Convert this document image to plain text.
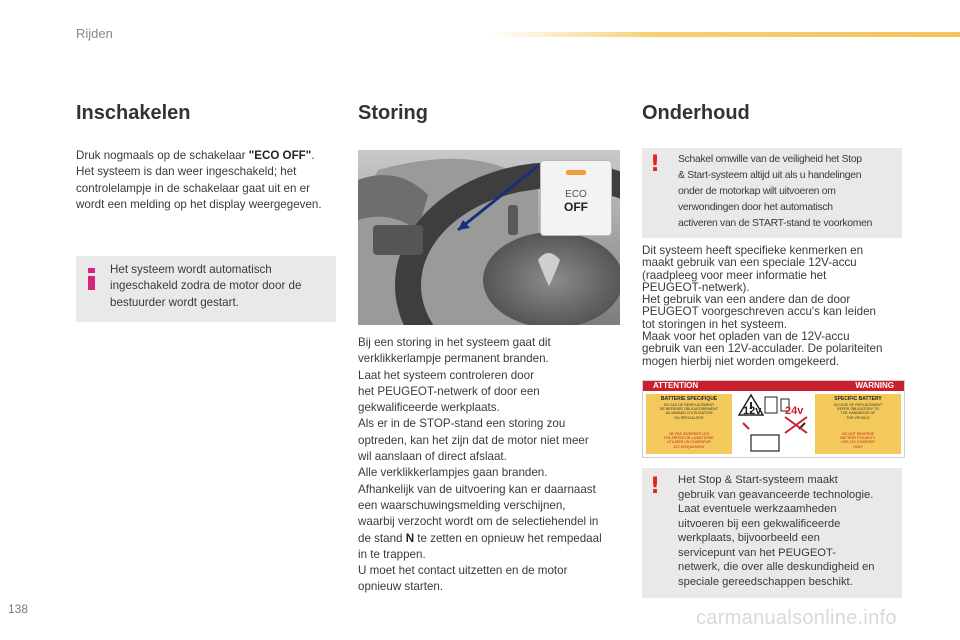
Rijden
Inschakelen
Druk nogmaals op de schakelaar "ECO OFF".
Het systeem is dan weer ingeschakeld; het
controlelampje in de schakelaar gaat uit en er
wordt een melding op het display weergegeven.
Het systeem wordt automatisch
ingeschakeld zodra de motor door de
bestuurder wordt gestart.
Storing
ECO
OFF
Bij een storing in het systeem gaat dit
verklikkerlampje permanent branden.
Laat het systeem controleren door
het PEUGEOT-netwerk of door een
gekwalificeerde werkplaats.
Als er in de STOP-stand een storing zou
optreden, kan het zijn dat de motor niet meer
wil aanslaan of direct afslaat.
Alle verklikkerlampjes gaan branden.
Afhankelijk van de uitvoering kan er daarnaast
een waarschuwingsmelding verschijnen,
waarbij verzocht wordt om de selectiehendel in
de stand N te zetten en opnieuw het rempedaal
in te trappen.
U moet het contact uitzetten en de motor
opnieuw starten.
Onderhoud
! Schakel omwille van de veiligheid het Stop
& Start-systeem altijd uit als u handelingen
onder de motorkap wilt uitvoeren om
verwondingen door het automatisch
activeren van de START-stand te voorkomen
Dit systeem heeft specifieke kenmerken en
maakt gebruik van een speciale 12V-accu
(raadpleeg voor meer informatie het
PEUGEOT-netwerk).
Het gebruik van een andere dan de door
PEUGEOT voorgeschreven accu's kan leiden
tot storingen in het systeem.
Maak voor het opladen van de 12V-accu
gebruik van een 12V-acculader. De polariteiten
mogen hierbij niet worden omgekeerd.
ATTENTION	WARNING
BATTERIE SPECIFIQUE
EN CAS DE REMPLACEMENT
SE REFERER OBLIGATOIREMENT
AU MANUEL D'UTILISATION
OU SPECIALISTE
NE PAS INVERSER LES
POLARITES DE LA BATTERIE
UTILISER UN CHARGEUR
12V UNIQUEMENT
SPECIFIC BATTERY
IN CASE OF REPLACEMENT
REFER OBLIGATORY TO
THE HANDBOOK OF
THE VEHICLE
DO NOT REVERSE
BATTERY POLARITY,
USE 12V CHARGER
ONLY
12v 24v
! Het Stop & Start-systeem maakt
gebruik van geavanceerde technologie.
Laat eventuele werkzaamheden
uitvoeren bij een gekwalificeerde
werkplaats, bijvoorbeeld een
servicepunt van het PEUGEOT-
netwerk, die over alle deskundigheid en
speciale gereedschappen beschikt.
138	carmanualsonline.info
